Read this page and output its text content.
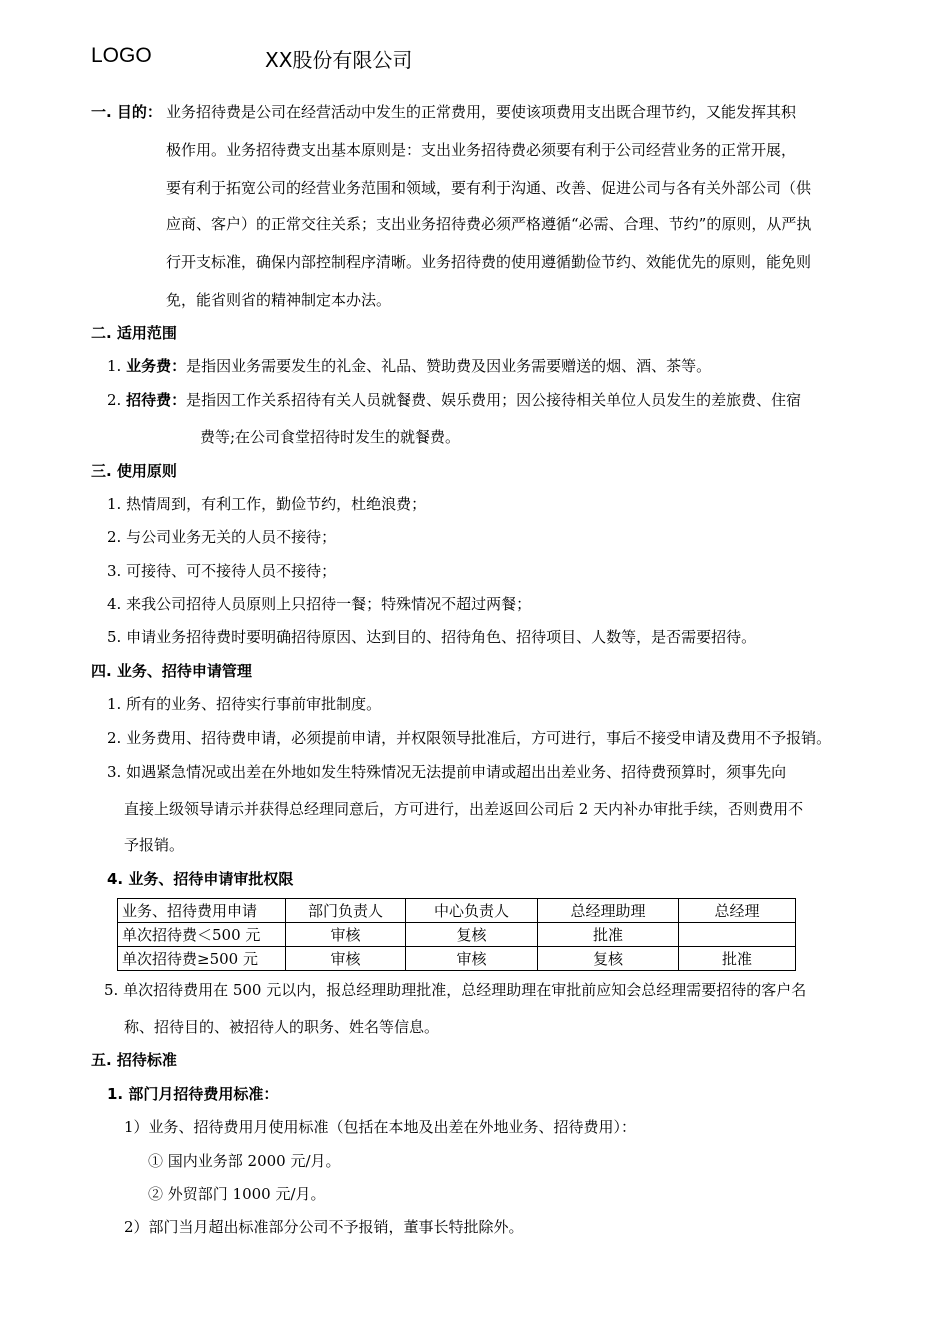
LOGO	XX股份有限公司
一. 目的： 业务招待费是公司在经营活动中发生的正常费用，要使该项费用支出既合理节约，又能发挥其积
极作用。业务招待费支出基本原则是：支出业务招待费必须要有利于公司经营业务的正常开展，
要有利于拓宽公司的经营业务范围和领域，要有利于沟通、改善、促进公司与各有关外部公司（供
应商、客户）的正常交往关系；支出业务招待费必须严格遵循“必需、合理、节约”的原则，从严执
行开支标准，确保内部控制程序清晰。业务招待费的使用遵循勤俭节约、效能优先的原则，能免则
免，能省则省的精神制定本办法。
二. 适用范围
1. 业务费：是指因业务需要发生的礼金、礼品、赞助费及因业务需要赠送的烟、酒、茶等。
2. 招待费：是指因工作关系招待有关人员就餐费、娱乐费用；因公接待相关单位人员发生的差旅费、住宿
费等;在公司食堂招待时发生的就餐费。
三. 使用原则
1. 热情周到，有利工作，勤俭节约，杜绝浪费；
2. 与公司业务无关的人员不接待；
3. 可接待、可不接待人员不接待；
4. 来我公司招待人员原则上只招待一餐；特殊情况不超过两餐；
5. 申请业务招待费时要明确招待原因、达到目的、招待角色、招待项目、人数等，是否需要招待。
四. 业务、招待申请管理
1. 所有的业务、招待实行事前审批制度。
2. 业务费用、招待费申请，必须提前申请，并权限领导批准后，方可进行，事后不接受申请及费用不予报销。
3. 如遇紧急情况或出差在外地如发生特殊情况无法提前申请或超出出差业务、招待费预算时，须事先向
直接上级领导请示并获得总经理同意后，方可进行，出差返回公司后 2 天内补办审批手续，否则费用不
予报销。
4. 业务、招待申请审批权限
业务、招待费用申请	部门负责人	中心负责人	总经理助理	总经理
单次招待费＜500 元	审核	复核	批准	
单次招待费≥500 元	审核	审核	复核	批准
5. 单次招待费用在 500 元以内，报总经理助理批准，总经理助理在审批前应知会总经理需要招待的客户名
称、招待目的、被招待人的职务、姓名等信息。
五. 招待标准
1. 部门月招待费用标准：
1）业务、招待费用月使用标准（包括在本地及出差在外地业务、招待费用）：
① 国内业务部 2000 元/月。
② 外贸部门 1000 元/月。
2）部门当月超出标准部分公司不予报销，董事长特批除外。
